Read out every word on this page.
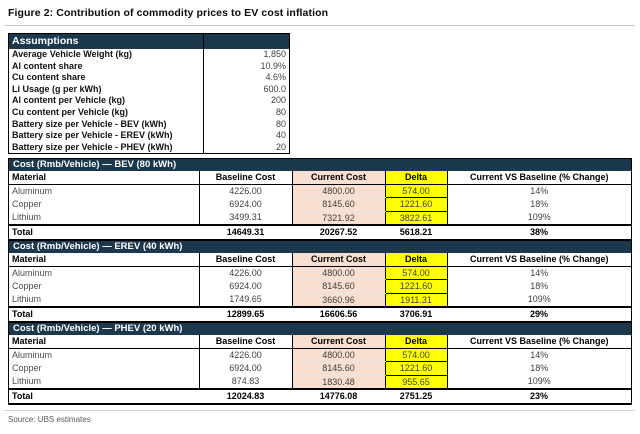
Figure 2: Contribution of commodity prices to EV cost inflation
Assumptions	
Average Vehicle Weight (kg)	1,850
Al content share	10.9%
Cu content share	4.6%
Li Usage (g per kWh)	600.0
Al content per Vehicle (kg)	200
Cu content per Vehicle (kg)	80
Battery size per Vehicle - BEV (kWh)	80
Battery size per Vehicle - EREV (kWh)	40
Battery size per Vehicle - PHEV (kWh)	20
Cost (Rmb/Vehicle) — BEV (80 kWh)
Material	Baseline Cost	Current Cost	Delta	Current VS Baseline (% Change)
Aluminum	4226.00	4800.00	574.00	14%
Copper	6924.00	8145.60	1221.60	18%
Lithium	3499.31	7321.92	3822.61	109%
Total	14649.31	20267.52	5618.21	38%
Cost (Rmb/Vehicle) — EREV (40 kWh)
Material	Baseline Cost	Current Cost	Delta	Current VS Baseline (% Change)
Aluminum	4226.00	4800.00	574.00	14%
Copper	6924.00	8145.60	1221.60	18%
Lithium	1749.65	3660.96	1911.31	109%
Total	12899.65	16606.56	3706.91	29%
Cost (Rmb/Vehicle) — PHEV (20 kWh)
Material	Baseline Cost	Current Cost	Delta	Current VS Baseline (% Change)
Aluminum	4226.00	4800.00	574.00	14%
Copper	6924.00	8145.60	1221.60	18%
Lithium	874.83	1830.48	955.65	109%
Total	12024.83	14776.08	2751.25	23%
Source: UBS estimates
